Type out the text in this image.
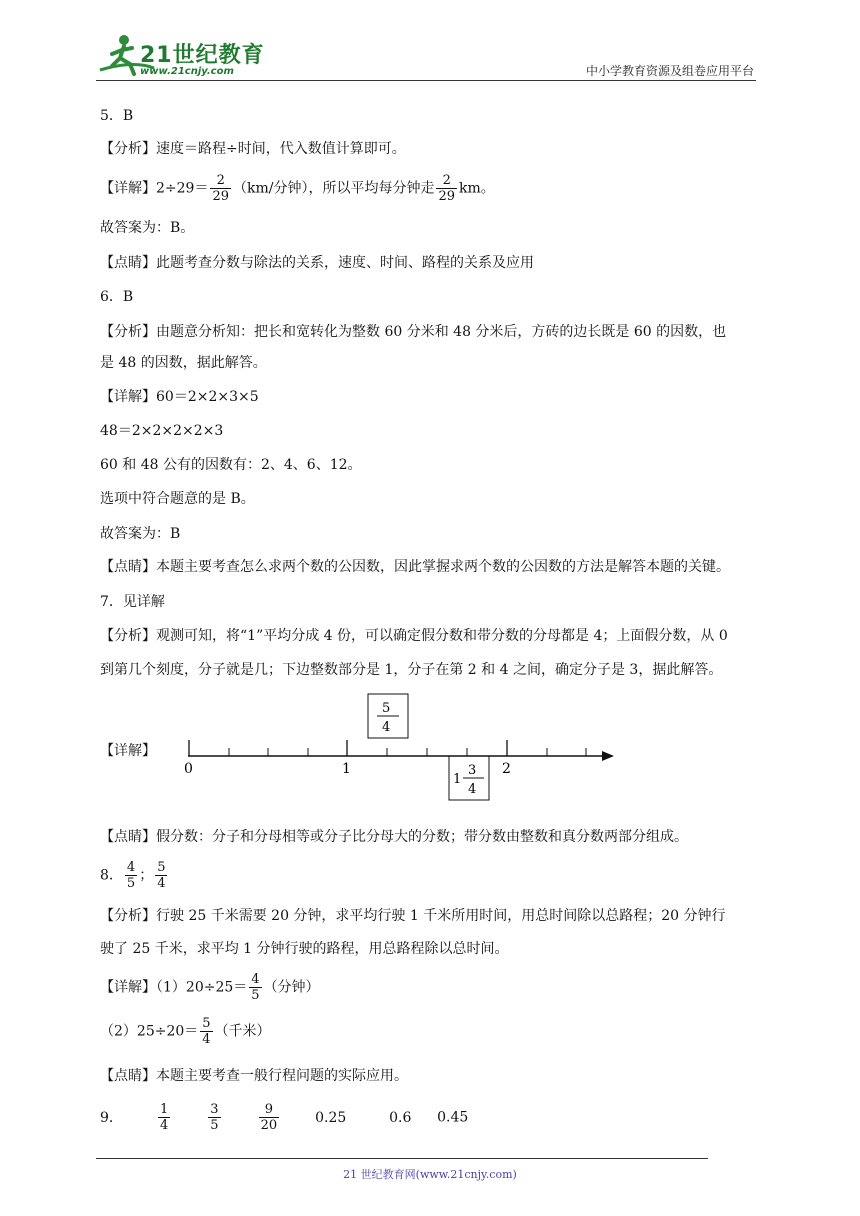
21世纪教育
www.21cnjy.com	中小学教育资源及组卷应用平台
5．B
【分析】速度＝路程÷时间，代入数值计算即可。
【详解】$2\div 29= \frac{2}{29} (km/$分钟），所以平均每分钟走 $\frac{2}{29}$ km。
故答案为：B。
【点睛】此题考查分数与除法的关系，速度、时间、路程的关系及应用
6．B
【分析】由题意分析知：把长和宽转化为整数 60 分米和 48 分米后，方砖的边长既是 60 的因数，也
是 48 的因数，据此解答。
【详解】60＝2×2×3×5
48＝2×2×2×2×3
60 和 48 公有的因数有：2、4、6、12。
选项中符合题意的是 B。
故答案为：B
【点睛】本题主要考查怎么求两个数的公因数，因此掌握求两个数的公因数的方法是解答本题的关键。
7．见详解
【分析】观测可知，将“1”平均分成 4 份，可以确定假分数和带分数的分母都是 4；上面假分数，从 0
到第几个刻度，分子就是几；下边整数部分是 1，分子在第 2 和 4 之间，确定分子是 3，据此解答。
【详解】
0	1	2
5
4
1
3
4
【点睛】假分数：分子和分母相等或分子比分母大的分数；带分数由整数和真分数两部分组成。
8． $\frac{4}{5}$ ； $\frac{5}{4}$
【分析】行驶 25 千米需要 20 分钟，求平均行驶 1 千米所用时间，用总时间除以总路程；20 分钟行
驶了 25 千米，求平均 1 分钟行驶的路程，用总路程除以总时间。
【详解】$(1)20\div 25= \frac{4}{5}$ （分钟）
$(2)25\div 20= \frac{5}{4}$ （千米）
【点睛】本题主要考查一般行程问题的实际应用。
9．	$\frac{1}{4}$	$\frac{3}{5}$	$\frac{9}{20}$	0.25	0.6 0.45
21 世纪教育网(www.21cnjy.com)
